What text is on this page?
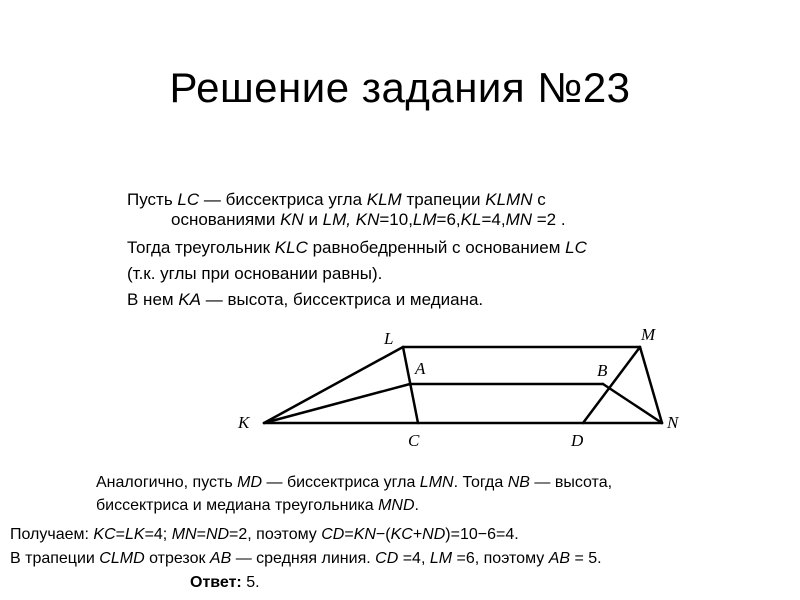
Решение задания №23
Пусть LC — биссектриса угла KLM трапеции KLMN с
основаниями KN и LM, KN=10,LM=6,KL=4,MN =2 .
Тогда треугольник KLC равнобедренный с основанием LC
(т.к. углы при основании равны).
В нем KA — высота, биссектриса и медиана.
L	M
A	B
K	N
C	D
Аналогично, пусть MD — биссектриса угла LMN. Тогда NB — высота,
биссектриса и медиана треугольника MND.
Получаем: KC=LK=4; MN=ND=2, поэтому CD=KN−(KC+ND)=10−6=4.
В трапеции CLMD отрезок AB — средняя линия. CD =4, LM =6, поэтому AB = 5.
Ответ: 5.
